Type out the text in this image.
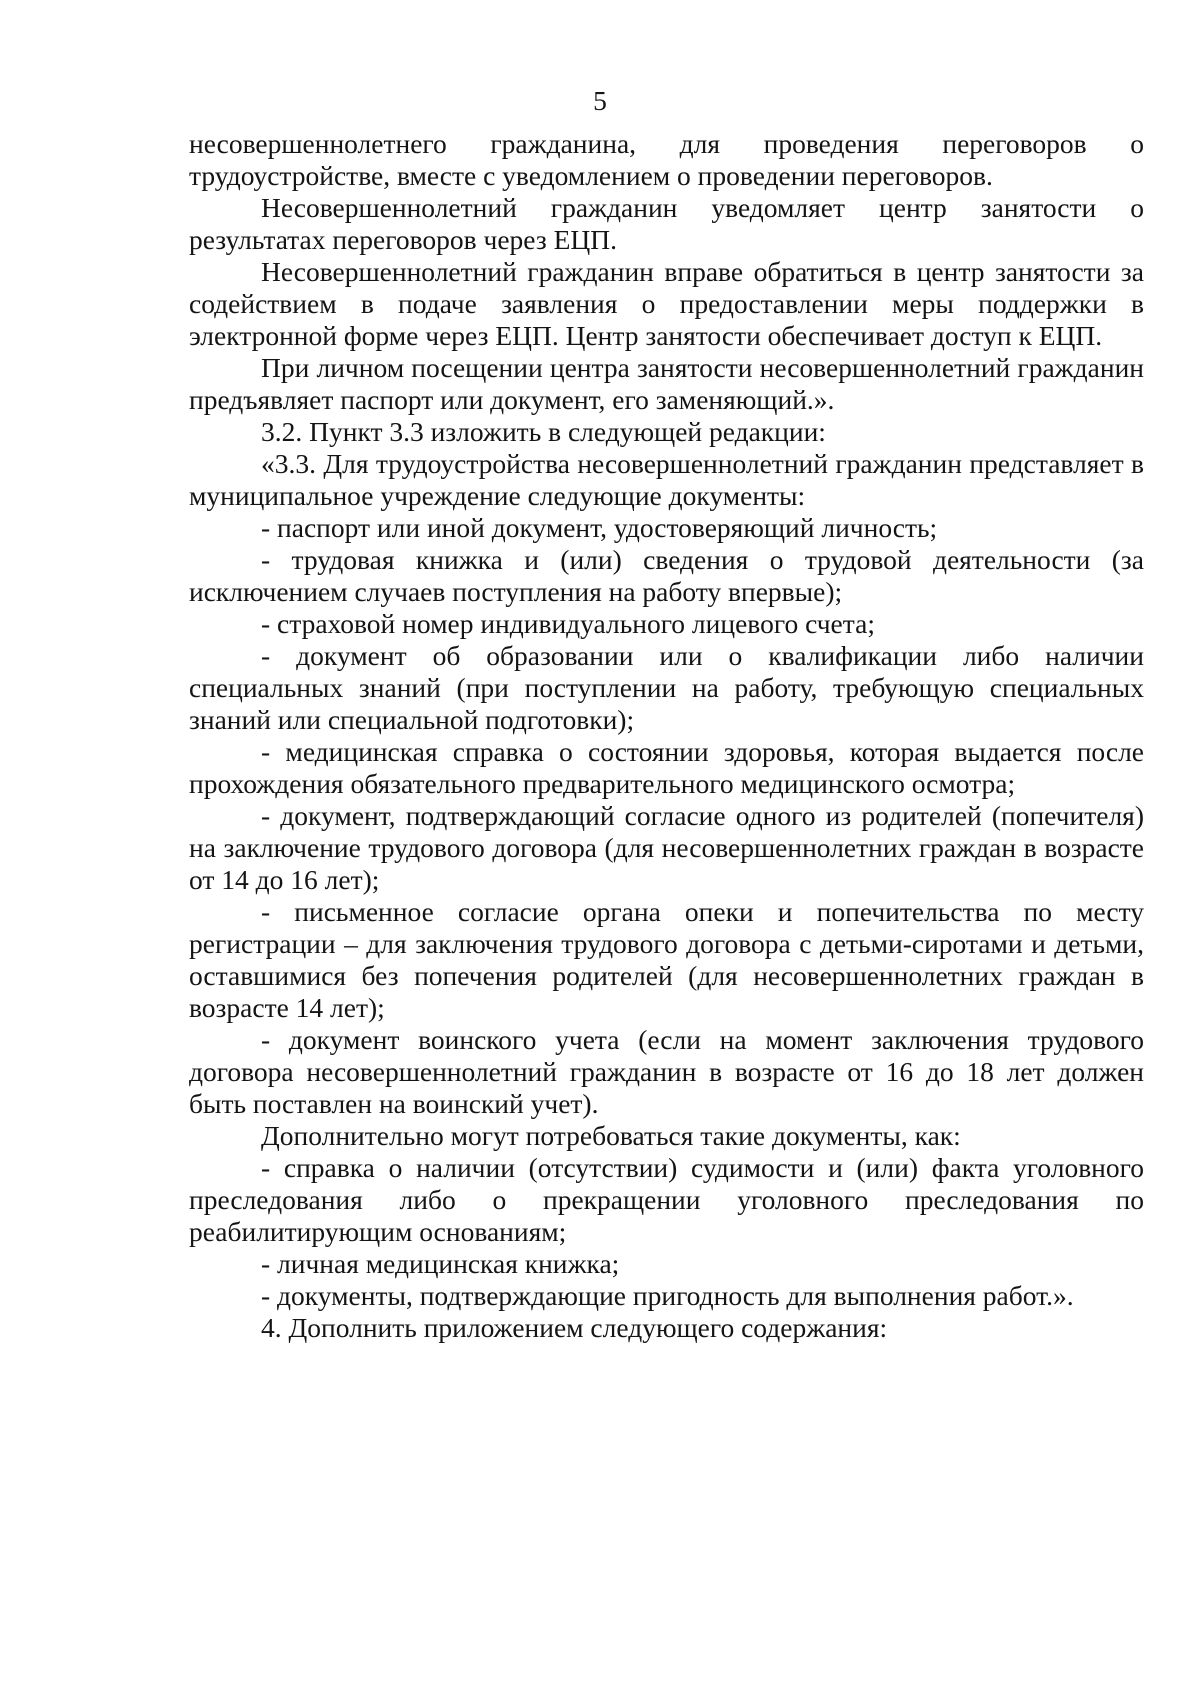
5

несовершеннолетнего гражданина, для проведения переговоров о трудоустройстве, вместе с уведомлением о проведении переговоров.

Несовершеннолетний гражданин уведомляет центр занятости о результатах переговоров через ЕЦП.

Несовершеннолетний гражданин вправе обратиться в центр занятости за содействием в подаче заявления о предоставлении меры поддержки в электронной форме через ЕЦП. Центр занятости обеспечивает доступ к ЕЦП.

При личном посещении центра занятости несовершеннолетний гражданин предъявляет паспорт или документ, его заменяющий.».

3.2. Пункт 3.3 изложить в следующей редакции:

«3.3. Для трудоустройства несовершеннолетний гражданин представляет в муниципальное учреждение следующие документы:

- паспорт или иной документ, удостоверяющий личность;

- трудовая книжка и (или) сведения о трудовой деятельности (за исключением случаев поступления на работу впервые);

- страховой номер индивидуального лицевого счета;

- документ об образовании или о квалификации либо наличии специальных знаний (при поступлении на работу, требующую специальных знаний или специальной подготовки);

- медицинская справка о состоянии здоровья, которая выдается после прохождения обязательного предварительного медицинского осмотра;

- документ, подтверждающий согласие одного из родителей (попечителя) на заключение трудового договора (для несовершеннолетних граждан в возрасте от 14 до 16 лет);

- письменное согласие органа опеки и попечительства по месту регистрации – для заключения трудового договора с детьми-сиротами и детьми, оставшимися без попечения родителей (для несовершеннолетних граждан в возрасте 14 лет);

- документ воинского учета (если на момент заключения трудового договора несовершеннолетний гражданин в возрасте от 16 до 18 лет должен быть поставлен на воинский учет).

Дополнительно могут потребоваться такие документы, как:

- справка о наличии (отсутствии) судимости и (или) факта уголовного преследования либо о прекращении уголовного преследования по реабилитирующим основаниям;

- личная медицинская книжка;

- документы, подтверждающие пригодность для выполнения работ.».

4. Дополнить приложением следующего содержания:
